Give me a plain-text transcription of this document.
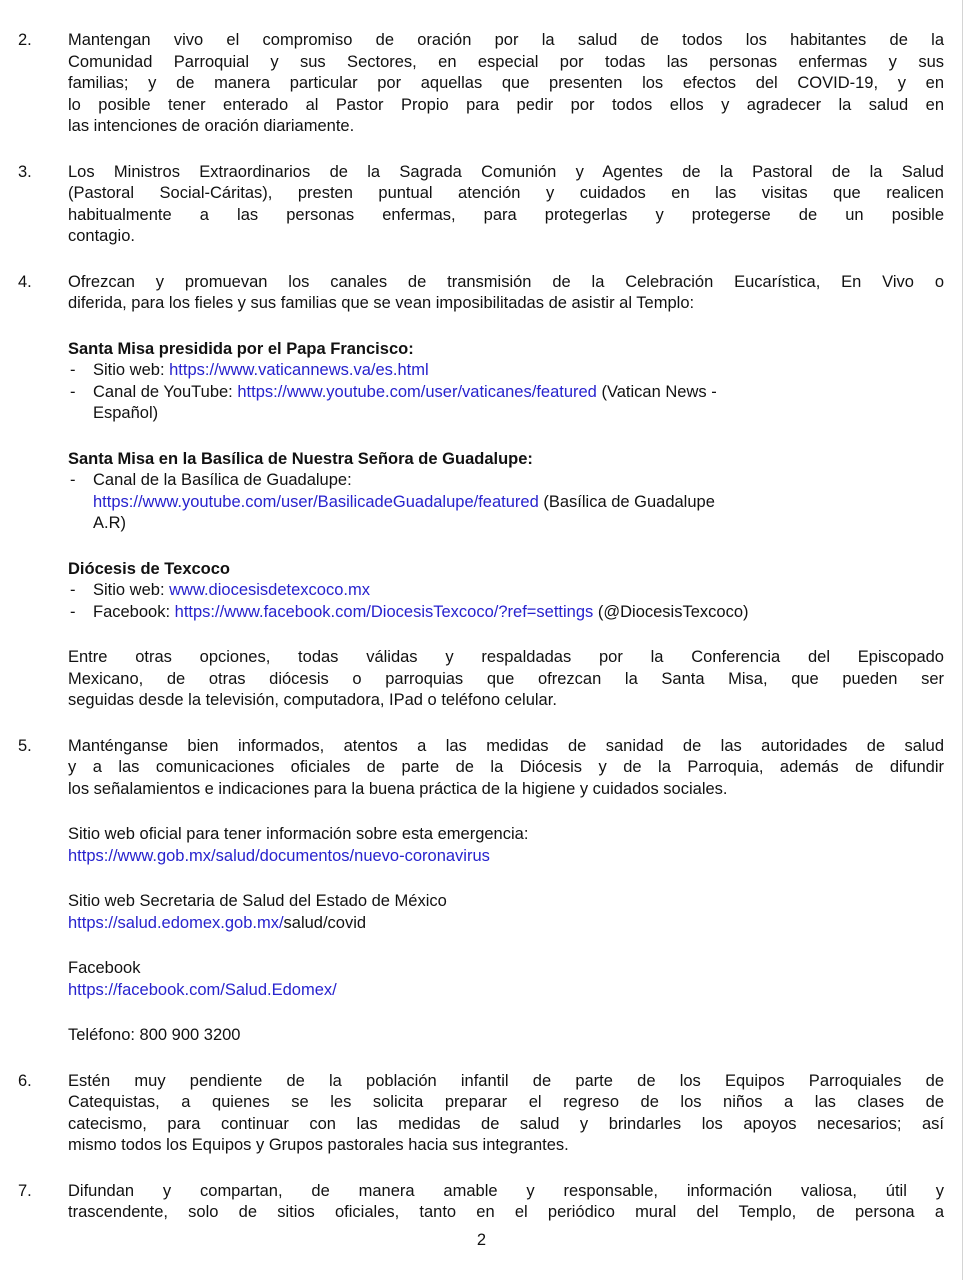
2. Mantengan vivo el compromiso de oración por la salud de todos los habitantes de la
Comunidad Parroquial y sus Sectores, en especial por todas las personas enfermas y sus
familias; y de manera particular por aquellas que presenten los efectos del COVID-19, y en
lo posible tener enterado al Pastor Propio para pedir por todos ellos y agradecer la salud en
las intenciones de oración diariamente.
3. Los Ministros Extraordinarios de la Sagrada Comunión y Agentes de la Pastoral de la Salud
(Pastoral Social-Cáritas), presten puntual atención y cuidados en las visitas que realicen
habitualmente a las personas enfermas, para protegerlas y protegerse de un posible
contagio.
4. Ofrezcan y promuevan los canales de transmisión de la Celebración Eucarística, En Vivo o
diferida, para los fieles y sus familias que se vean imposibilitadas de asistir al Templo:
Santa Misa presidida por el Papa Francisco:
- Sitio web: https://www.vaticannews.va/es.html
- Canal de YouTube: https://www.youtube.com/user/vaticanes/featured (Vatican News -
Español)
Santa Misa en la Basílica de Nuestra Señora de Guadalupe:
- Canal de la Basílica de Guadalupe:
https://www.youtube.com/user/BasilicadeGuadalupe/featured (Basílica de Guadalupe
A.R)
Diócesis de Texcoco
- Sitio web: www.diocesisdetexcoco.mx
- Facebook: https://www.facebook.com/DiocesisTexcoco/?ref=settings (@DiocesisTexcoco)
Entre otras opciones, todas válidas y respaldadas por la Conferencia del Episcopado
Mexicano, de otras diócesis o parroquias que ofrezcan la Santa Misa, que pueden ser
seguidas desde la televisión, computadora, IPad o teléfono celular.
5. Manténganse bien informados, atentos a las medidas de sanidad de las autoridades de salud
y a las comunicaciones oficiales de parte de la Diócesis y de la Parroquia, además de difundir
los señalamientos e indicaciones para la buena práctica de la higiene y cuidados sociales.
Sitio web oficial para tener información sobre esta emergencia:
https://www.gob.mx/salud/documentos/nuevo-coronavirus
Sitio web Secretaria de Salud del Estado de México
https://salud.edomex.gob.mx/salud/covid
Facebook
https://facebook.com/Salud.Edomex/
Teléfono: 800 900 3200
6. Estén muy pendiente de la población infantil de parte de los Equipos Parroquiales de
Catequistas, a quienes se les solicita preparar el regreso de los niños a las clases de
catecismo, para continuar con las medidas de salud y brindarles los apoyos necesarios; así
mismo todos los Equipos y Grupos pastorales hacia sus integrantes.
7. Difundan y compartan, de manera amable y responsable, información valiosa, útil y
trascendente, solo de sitios oficiales, tanto en el periódico mural del Templo, de persona a
2
